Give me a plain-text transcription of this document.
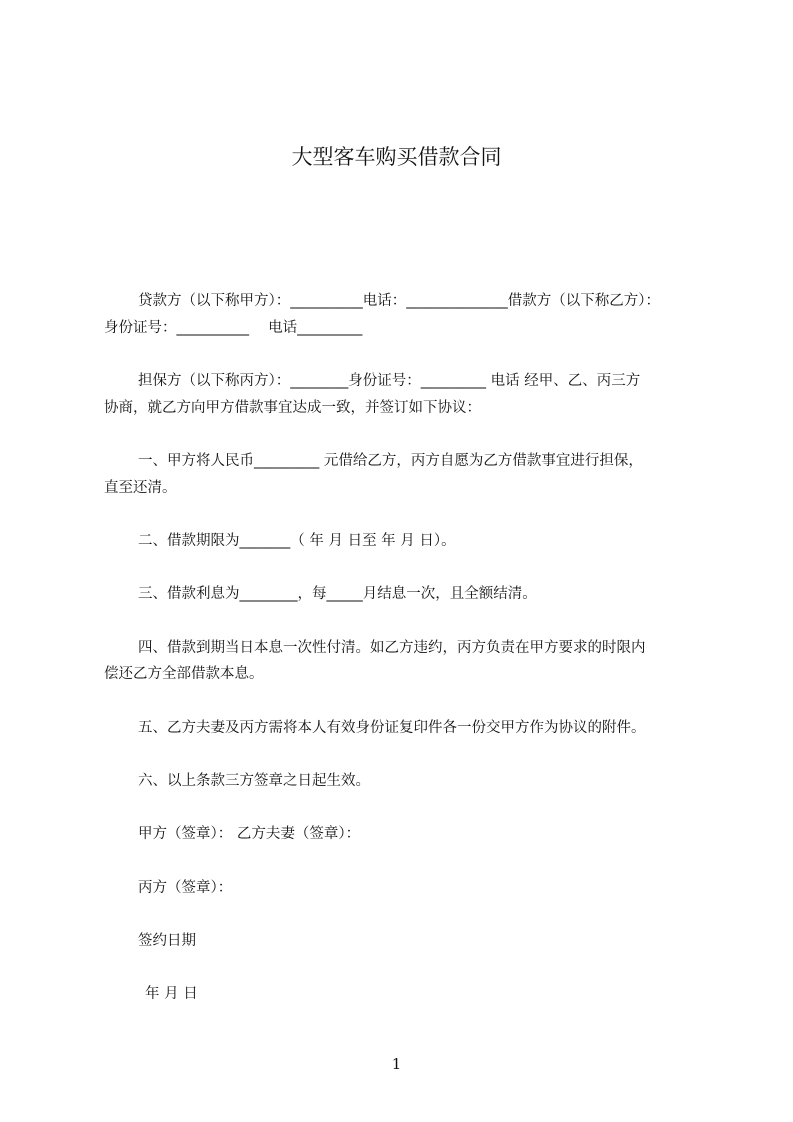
大型客车购买借款合同
贷款方（以下称甲方）：__________电话：______________借款方（以下称乙方）：
身份证号：__________ 　电话_________
担保方（以下称丙方）：________身份证号：_________ 电话 经甲、乙、丙三方
协商，就乙方向甲方借款事宜达成一致，并签订如下协议：
一、甲方将人民币_________ 元借给乙方，丙方自愿为乙方借款事宜进行担保，
直至还清。
二、借款期限为_______（ 年 月 日至 年 月 日）。
三、借款利息为________，每_____月结息一次，且全额结清。
四、借款到期当日本息一次性付清。如乙方违约，丙方负责在甲方要求的时限内
偿还乙方全部借款本息。
五、乙方夫妻及丙方需将本人有效身份证复印件各一份交甲方作为协议的附件。
六、以上条款三方签章之日起生效。
甲方（签章）： 乙方夫妻（签章）：
丙方（签章）：
签约日期
年 月 日
1
